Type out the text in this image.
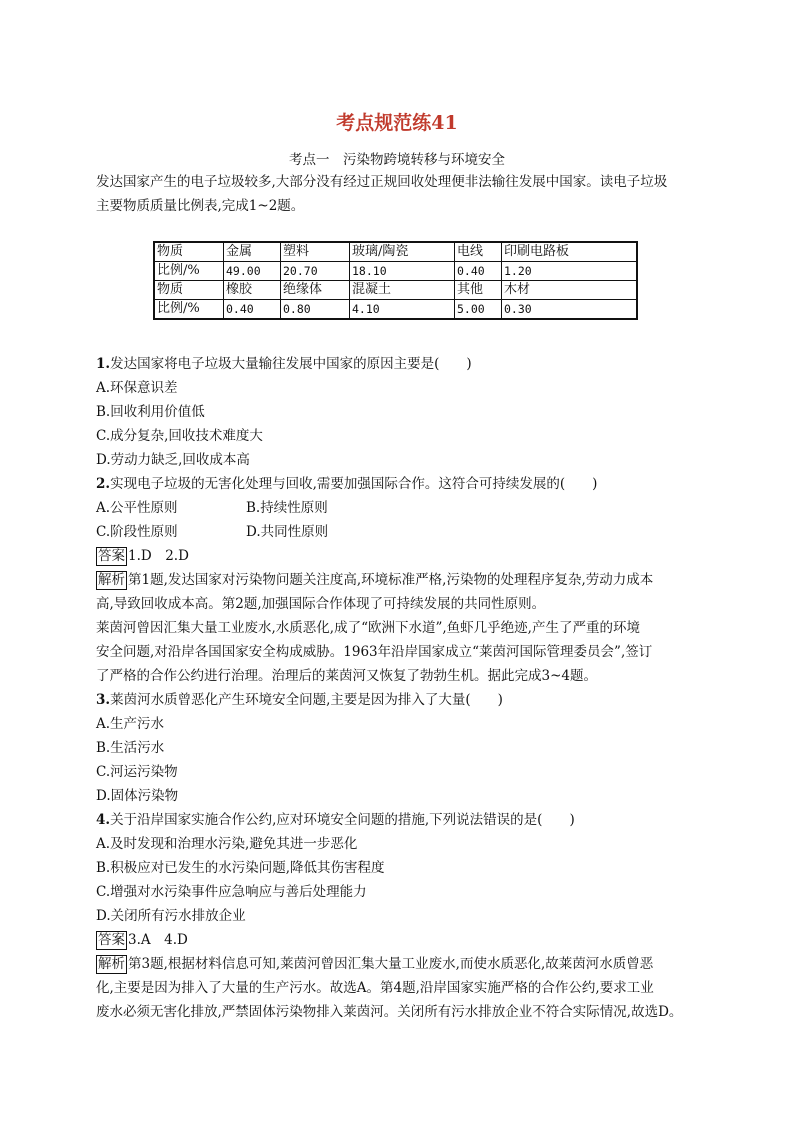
考点规范练41
考点一　污染物跨境转移与环境安全
发达国家产生的电子垃圾较多,大部分没有经过正规回收处理便非法输往发展中国家。读电子垃圾
主要物质质量比例表,完成1~2题。
物质	金属	塑料	玻璃/陶瓷	电线	印刷电路板
比例/%	49.00	20.70	18.10	0.40	1.20
物质	橡胶	绝缘体	混凝土	其他	木材
比例/%	0.40	0.80	4.10	5.00	0.30
1.发达国家将电子垃圾大量输往发展中国家的原因主要是(　　)
A.环保意识差
B.回收利用价值低
C.成分复杂,回收技术难度大
D.劳动力缺乏,回收成本高
2.实现电子垃圾的无害化处理与回收,需要加强国际合作。这符合可持续发展的(　　)
A.公平性原则	B.持续性原则
C.阶段性原则	D.共同性原则
答案 1.D　2.D
解析 第1题,发达国家对污染物问题关注度高,环境标准严格,污染物的处理程序复杂,劳动力成本
高,导致回收成本高。第2题,加强国际合作体现了可持续发展的共同性原则。
莱茵河曾因汇集大量工业废水,水质恶化,成了“欧洲下水道”,鱼虾几乎绝迹,产生了严重的环境
安全问题,对沿岸各国国家安全构成威胁。1963年沿岸国家成立“莱茵河国际管理委员会”,签订
了严格的合作公约进行治理。治理后的莱茵河又恢复了勃勃生机。据此完成3~4题。
3.莱茵河水质曾恶化产生环境安全问题,主要是因为排入了大量(　　)
A.生产污水
B.生活污水
C.河运污染物
D.固体污染物
4.关于沿岸国家实施合作公约,应对环境安全问题的措施,下列说法错误的是(　　)
A.及时发现和治理水污染,避免其进一步恶化
B.积极应对已发生的水污染问题,降低其伤害程度
C.增强对水污染事件应急响应与善后处理能力
D.关闭所有污水排放企业
答案 3.A　4.D
解析 第3题,根据材料信息可知,莱茵河曾因汇集大量工业废水,而使水质恶化,故莱茵河水质曾恶
化,主要是因为排入了大量的生产污水。故选A。第4题,沿岸国家实施严格的合作公约,要求工业
废水必须无害化排放,严禁固体污染物排入莱茵河。关闭所有污水排放企业不符合实际情况,故选D。
